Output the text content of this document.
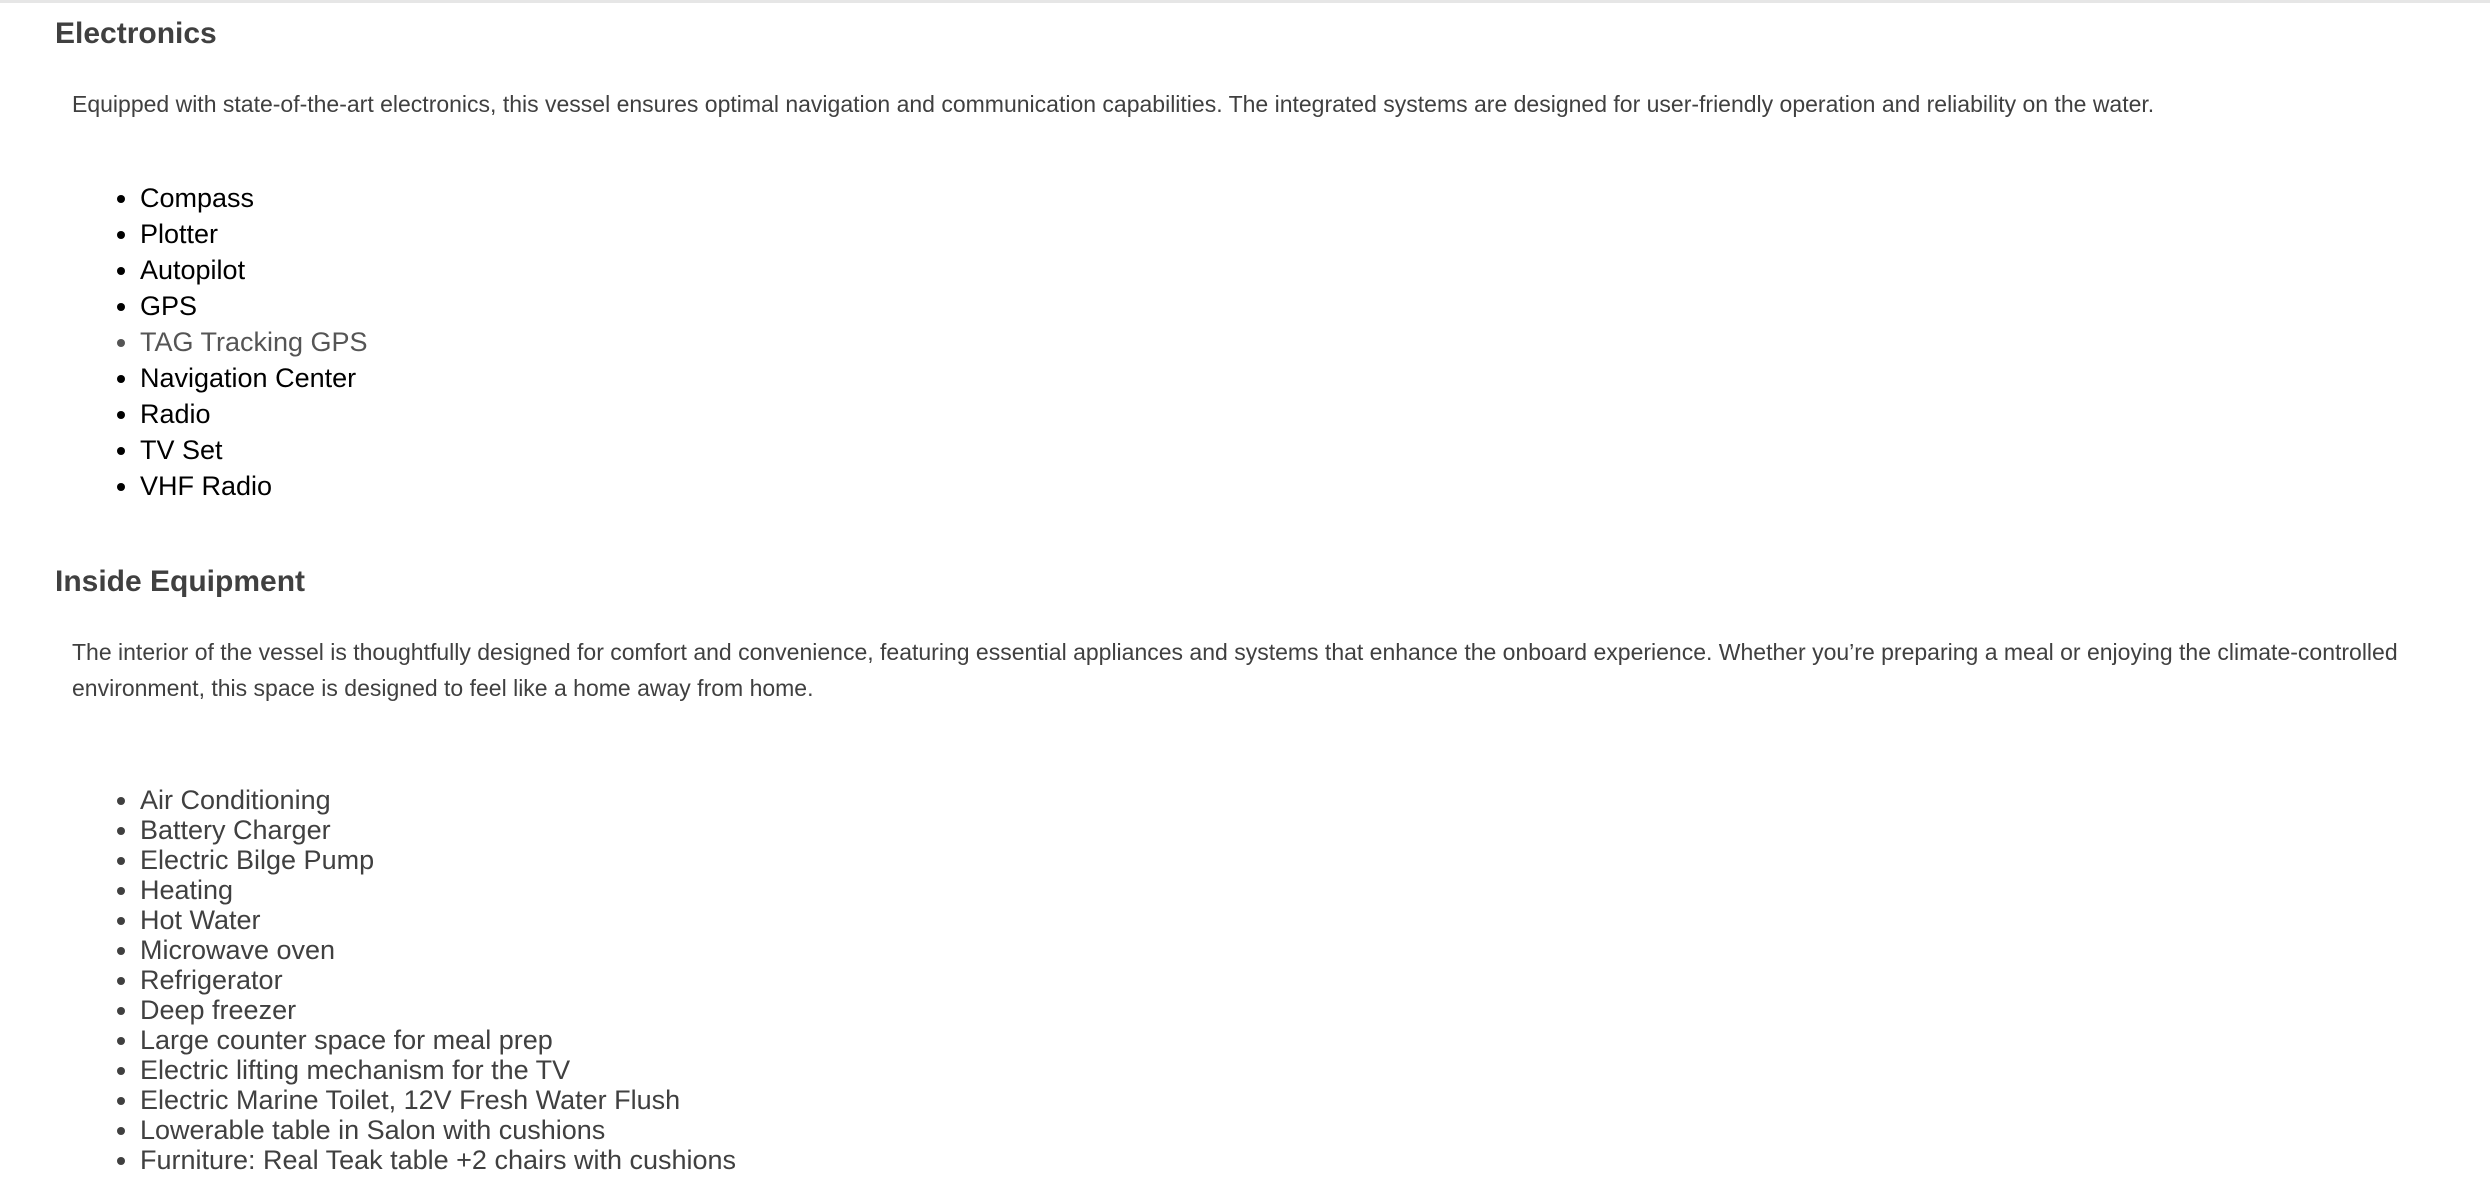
Electronics

Equipped with state-of-the-art electronics, this vessel ensures optimal navigation and communication capabilities. The integrated systems are designed for user-friendly operation and reliability on the water.

• Compass
• Plotter
• Autopilot
• GPS
• TAG Tracking GPS
• Navigation Center
• Radio
• TV Set
• VHF Radio
Inside Equipment

The interior of the vessel is thoughtfully designed for comfort and convenience, featuring essential appliances and systems that enhance the onboard experience. Whether you’re preparing a meal or enjoying the climate-controlled environment, this space is designed to feel like a home away from home.

• Air Conditioning
• Battery Charger
• Electric Bilge Pump
• Heating
• Hot Water
• Microwave oven
• Refrigerator
• Deep freezer
• Large counter space for meal prep
• Electric lifting mechanism for the TV
• Electric Marine Toilet, 12V Fresh Water Flush
• Lowerable table in Salon with cushions
• Furniture: Real Teak table +2 chairs with cushions
